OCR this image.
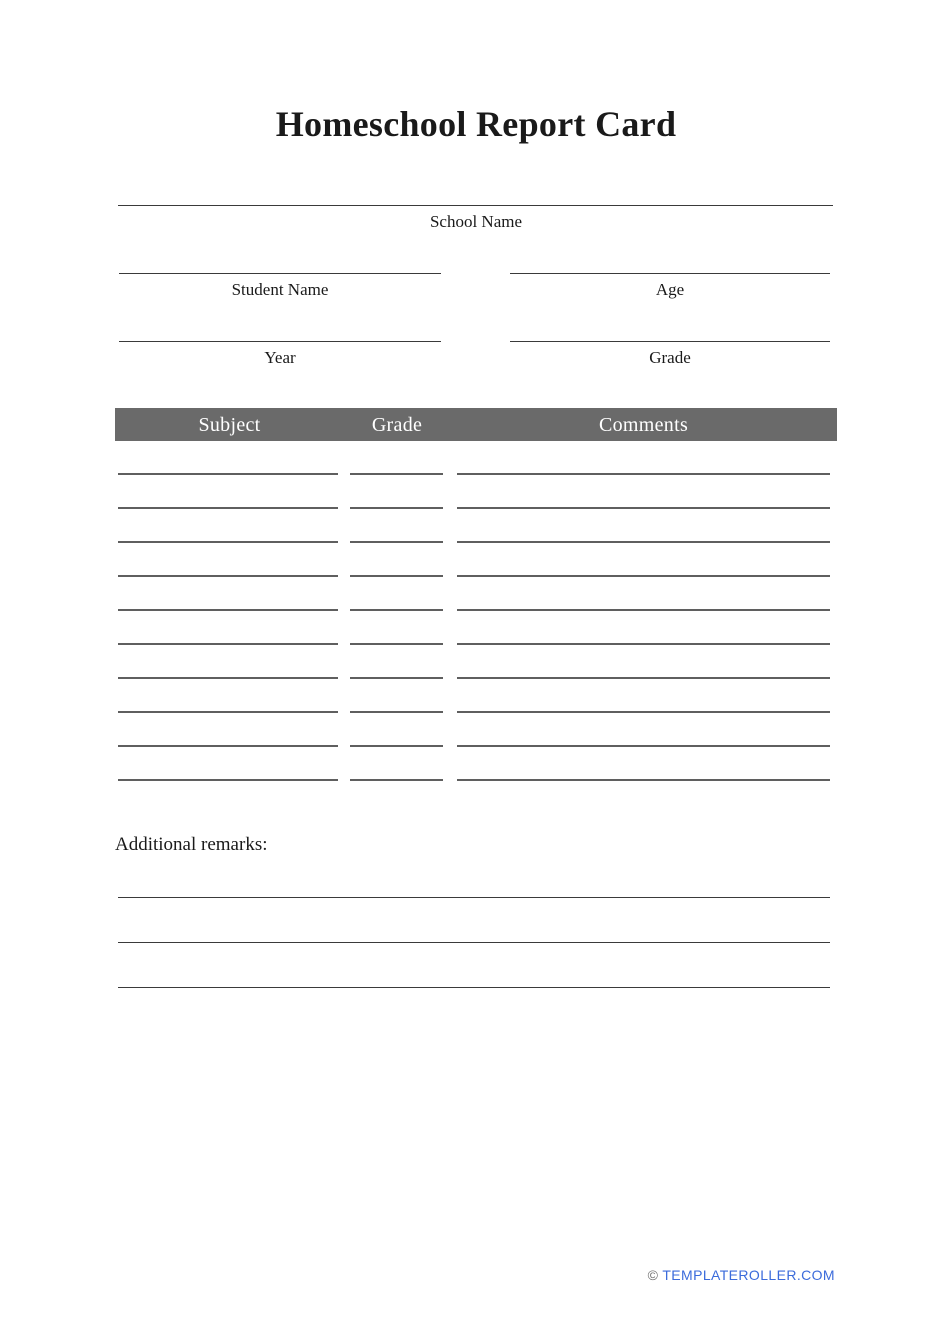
Homeschool Report Card
School Name
Student Name	Age
Year	Grade
Subject	Grade	Comments
Additional remarks:
© TEMPLATEROLLER.COM
